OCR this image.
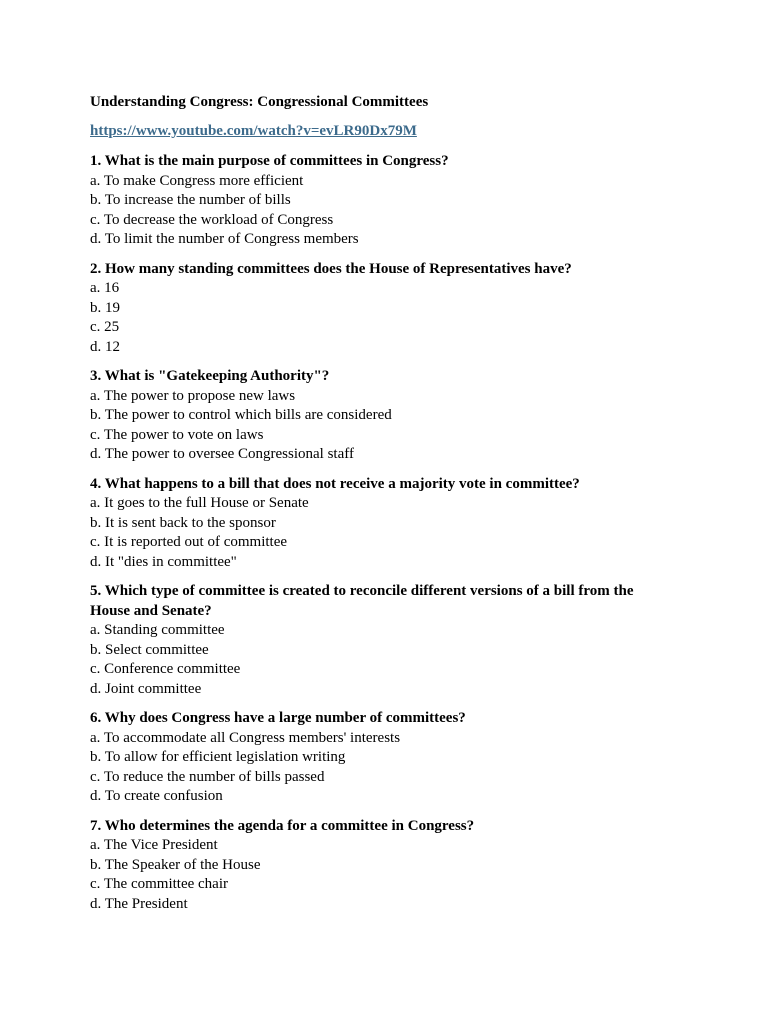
Understanding Congress: Congressional Committees
https://www.youtube.com/watch?v=evLR90Dx79M
1. What is the main purpose of committees in Congress?
a. To make Congress more efficient
b. To increase the number of bills
c. To decrease the workload of Congress
d. To limit the number of Congress members
2. How many standing committees does the House of Representatives have?
a. 16
b. 19
c. 25
d. 12
3. What is "Gatekeeping Authority"?
a. The power to propose new laws
b. The power to control which bills are considered
c. The power to vote on laws
d. The power to oversee Congressional staff
4. What happens to a bill that does not receive a majority vote in committee?
a. It goes to the full House or Senate
b. It is sent back to the sponsor
c. It is reported out of committee
d. It "dies in committee"
5. Which type of committee is created to reconcile different versions of a bill from the House and Senate?
a. Standing committee
b. Select committee
c. Conference committee
d. Joint committee
6. Why does Congress have a large number of committees?
a. To accommodate all Congress members' interests
b. To allow for efficient legislation writing
c. To reduce the number of bills passed
d. To create confusion
7. Who determines the agenda for a committee in Congress?
a. The Vice President
b. The Speaker of the House
c. The committee chair
d. The President
